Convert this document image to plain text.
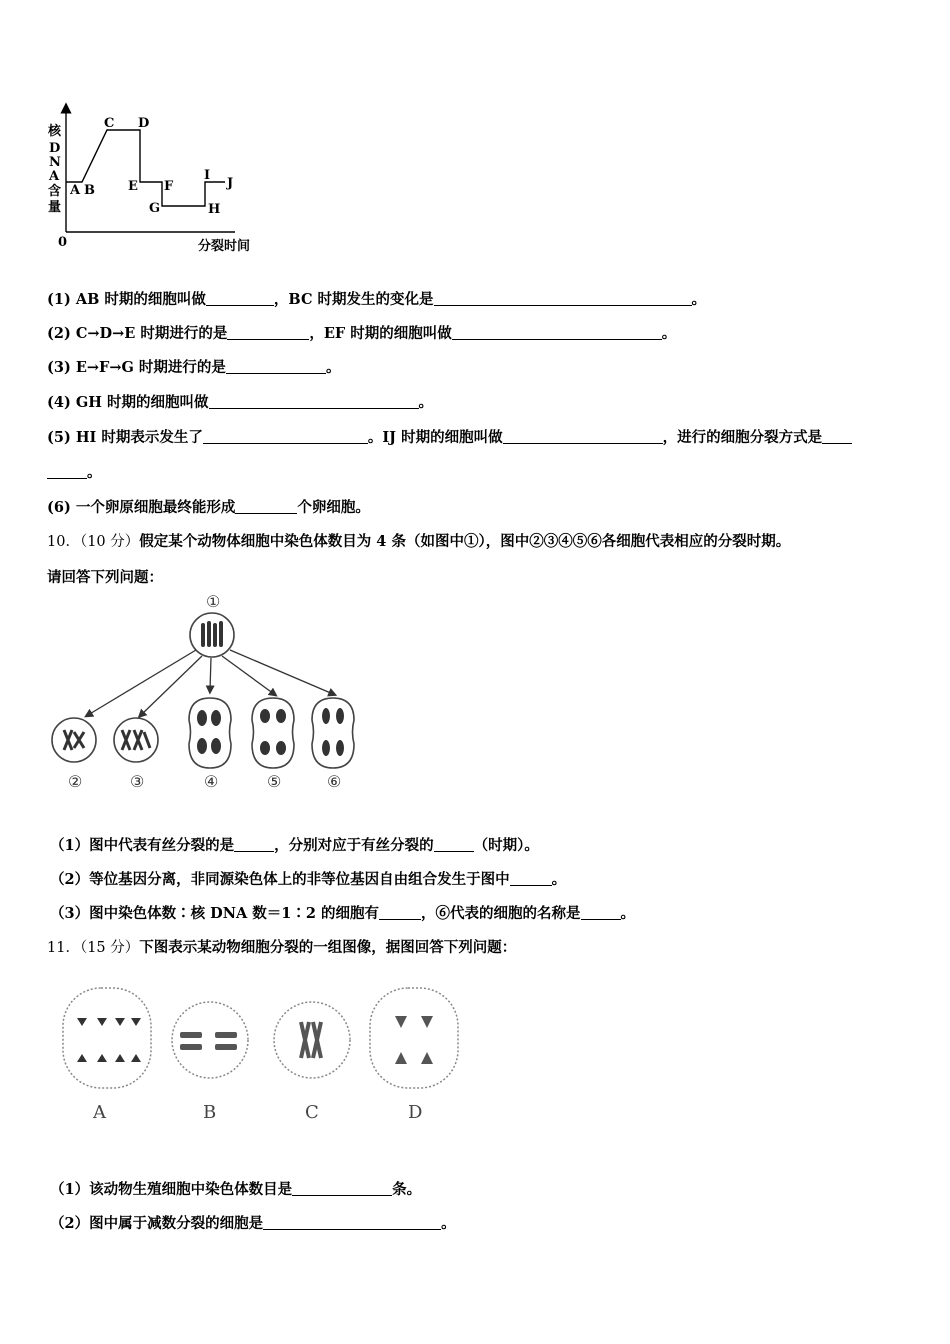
核
D
N
A
含
量
0	分裂时间
A B
C D
E F
G	H
I
J
(1) AB 时期的细胞叫做	，BC 时期发生的变化是	。
(2) C→D→E 时期进行的是	，EF 时期的细胞叫做	。
(3) E→F→G 时期进行的是	。
(4) GH 时期的细胞叫做	。
(5) HI 时期表示发生了	。IJ 时期的细胞叫做	，进行的细胞分裂方式是
。
(6) 一个卵原细胞最终能形成	个卵细胞。
10．（10 分）假定某个动物体细胞中染色体数目为 4 条（如图中①），图中②③④⑤⑥各细胞代表相应的分裂时期。
请回答下列问题：
①
②	③	④	⑤	⑥
（1）图中代表有丝分裂的是	，分别对应于有丝分裂的	（时期）。
（2）等位基因分离，非同源染色体上的非等位基因自由组合发生于图中	。
（3）图中染色体数∶核 DNA 数＝1∶2 的细胞有	，⑥代表的细胞的名称是	。
11．（15 分）下图表示某动物细胞分裂的一组图像，据图回答下列问题：
A	B	C	D
（1）该动物生殖细胞中染色体数目是	条。
（2）图中属于减数分裂的细胞是	。
